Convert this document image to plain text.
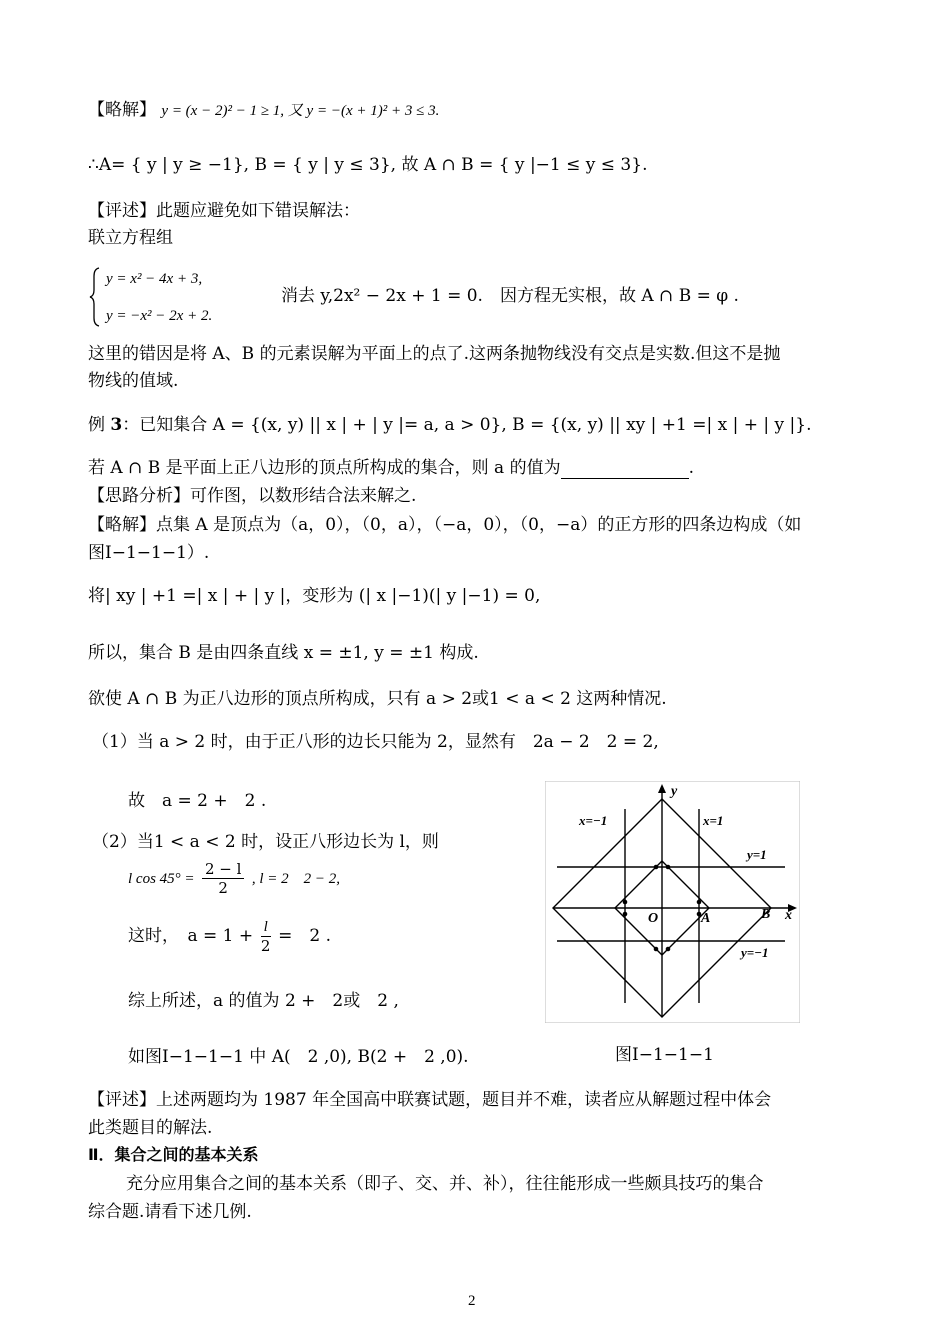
【略解】 y = (x − 2)² − 1 ≥ 1, 又 y = −(x + 1)² + 3 ≤ 3.
∴A= { y | y ≥ −1}, B = { y | y ≤ 3}, 故 A ∩ B = { y |−1 ≤ y ≤ 3}.
【评述】此题应避免如下错误解法：
联立方程组
y = x² − 4x + 3,
y = −x² − 2x + 2.
消去 y,2x² − 2x + 1 = 0.　因方程无实根，故 A ∩ B = φ .
这里的错因是将 A、B 的元素误解为平面上的点了.这两条抛物线没有交点是实数.但这不是抛
物线的值域.
例 3：已知集合 A = {(x, y) || x | + | y |= a, a > 0}, B = {(x, y) || xy | +1 =| x | + | y |}.
若 A ∩ B 是平面上正八边形的顶点所构成的集合，则 a 的值为	.
【思路分析】可作图，以数形结合法来解之.
【略解】点集 A 是顶点为（a，0），（0，a），（−a，0），（0，−a）的正方形的四条边构成（如
图Ⅰ−1−1−1）.
将| xy | +1 =| x | + | y |，变形为 (| x |−1)(| y |−1) = 0,
所以，集合 B 是由四条直线 x = ±1, y = ±1 构成.
欲使 A ∩ B 为正八边形的顶点所构成，只有 a > 2或1 < a < 2 这两种情况.
（1）当 a > 2 时，由于正八形的边长只能为 2，显然有　2a − 2　2 = 2,
故　a = 2 +　2 .
（2）当1 < a < 2 时，设正八形边长为 l，则
l $\cos 45^\circ = \frac{2 - l}{2}$ , l = 2　2 − 2,
这时，　$a = 1 + \frac{l}{2}$ =　2 .
综上所述，a 的值为 2 +　2或　2 ,
如图Ⅰ−1−1−1 中 A(　2 ,0), B(2 +　2 ,0).
y
x
x=−1	x=1
y=1
y=−1
O	A	B
图Ⅰ−1−1−1
【评述】上述两题均为 1987 年全国高中联赛试题，题目并不难，读者应从解题过程中体会
此类题目的解法.
Ⅱ．集合之间的基本关系
充分应用集合之间的基本关系（即子、交、并、补），往往能形成一些颇具技巧的集合
综合题.请看下述几例.
2
